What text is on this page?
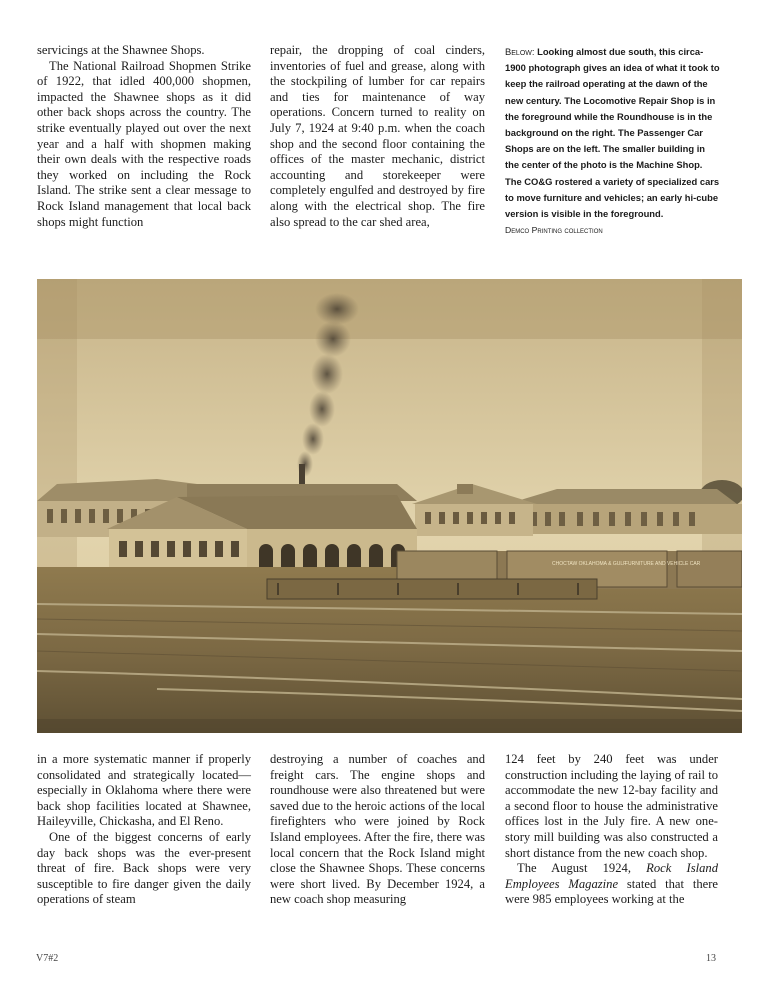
servicings at the Shawnee Shops.

The National Railroad Shopmen Strike of 1922, that idled 400,000 shopmen, impacted the Shawnee shops as it did other back shops across the country. The strike eventually played out over the next year and a half with shopmen making their own deals with the respective roads they worked on including the Rock Island. The strike sent a clear message to Rock Island management that local back shops might function

repair, the dropping of coal cinders, inventories of fuel and grease, along with the stockpiling of lumber for car repairs and ties for maintenance of way operations. Concern turned to reality on July 7, 1924 at 9:40 p.m. when the coach shop and the second floor containing the offices of the master mechanic, district accounting and storekeeper were completely engulfed and destroyed by fire along with the electrical shop. The fire also spread to the car shed area,

Below: Looking almost due south, this circa-1900 photograph gives an idea of what it took to keep the railroad operating at the dawn of the new century. The Locomotive Repair Shop is in the foreground while the Roundhouse is in the background on the right. The Passenger Car Shops are on the left. The smaller building in the center of the photo is the Machine Shop. The CO&G rostered a variety of specialized cars to move furniture and vehicles; an early hi-cube version is visible in the foreground.
Demco Printing collection
CHOCTAW OKLAHOMA & GULF
FURNITURE AND VEHICLE CAR

in a more systematic manner if properly consolidated and strategically located—especially in Oklahoma where there were back shop facilities located at Shawnee, Haileyville, Chickasha, and El Reno.

One of the biggest concerns of early day back shops was the ever-present threat of fire. Back shops were very susceptible to fire danger given the daily operations of steam

destroying a number of coaches and freight cars. The engine shops and roundhouse were also threatened but were saved due to the heroic actions of the local firefighters who were joined by Rock Island employees. After the fire, there was local concern that the Rock Island might close the Shawnee Shops. These concerns were short lived. By December 1924, a new coach shop measuring

124 feet by 240 feet was under construction including the laying of rail to accommodate the new 12-bay facility and a second floor to house the administrative offices lost in the July fire. A new one-story mill building was also constructed a short distance from the new coach shop.

The August 1924, Rock Island Employees Magazine stated that there were 985 employees working at the

V7#2	13
